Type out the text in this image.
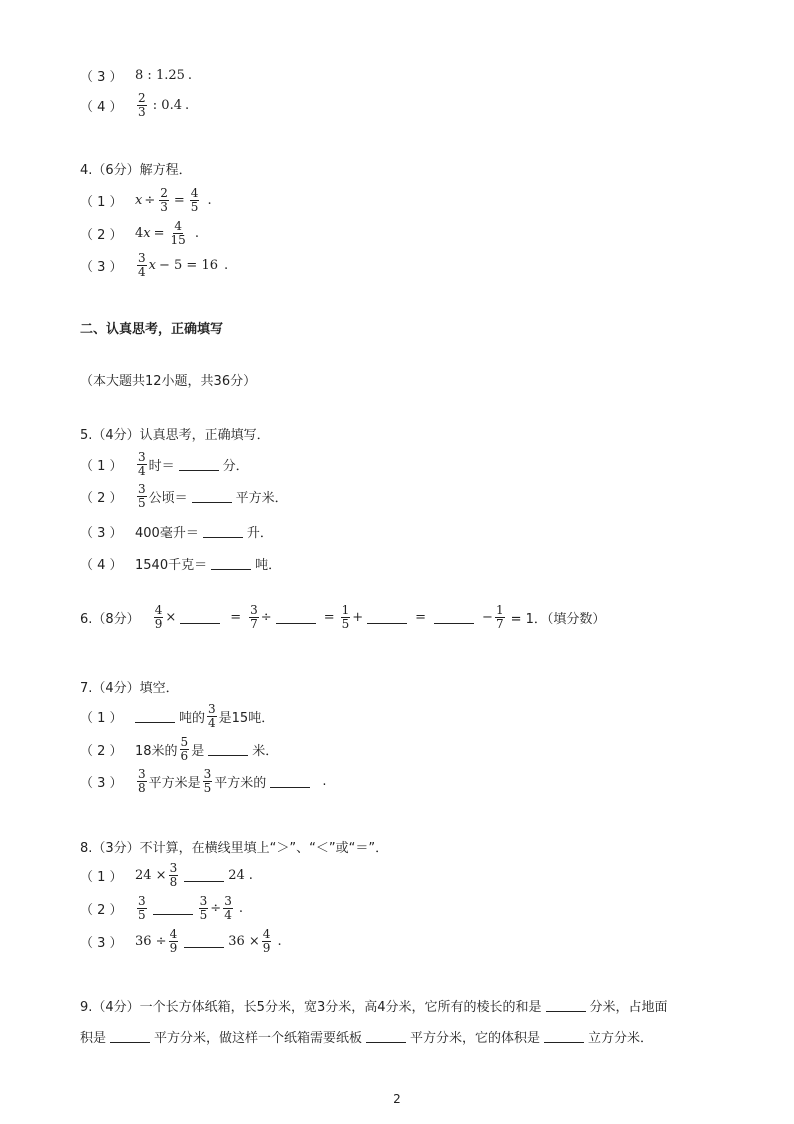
（ 3 ） 8 : 1.25 .
（ 4 ）	$\frac{2}{3}$ : 0.4 .
4.（6分）解方程．
（ 1 ） $x \div \frac{2}{3} = \frac{4}{5}$ .
（ 2 ） 4 $x = \frac{4}{15}$ .
（ 3 ）	$\frac{3}{4}$ x − 5 = 16 .
二、认真思考，正确填写
（本大题共12小题，共36分）
5.（4分）认真思考，正确填写．
（ 1 ）	$\frac{3}{4}$ 时＝	分．
（ 2 ）	$\frac{3}{5}$ 公顷＝	平方米．
（ 3 ） 400毫升＝	升．
（ 4 ） 1540千克＝	吨．
6.（8分） $\frac{4}{9}$ ×	= $\frac{3}{7}$ ÷	= $\frac{1}{5}$ +	=	− $\frac{1}{7} = 1$．（填分数）
7.（4分）填空．
（ 1 ）	吨的 $\frac{3}{4}$ 是15吨．
（ 2 ） 18米的 $\frac{5}{6}$ 是	米．
（ 3 ）	$\frac{3}{8}$ 平方米是 $\frac{3}{5}$ 平方米的	.
8.（3分）不计算，在横线里填上“＞”、“＜”或“＝”．
（ 1 ） $24 \times \frac{3}{8}$	24 .
（ 2 ）	$\frac{3}{5}$	$\frac{3}{5} \div \frac{3}{4}$ .
（ 3 ） $36 \div \frac{4}{9}$	$36 \times \frac{4}{9}$ .
9.（4分）一个长方体纸箱，长5分米，宽3分米，高4分米，它所有的棱长的和是	分米，占地面
积是	平方分米，做这样一个纸箱需要纸板	平方分米，它的体积是	立方分米．
2
